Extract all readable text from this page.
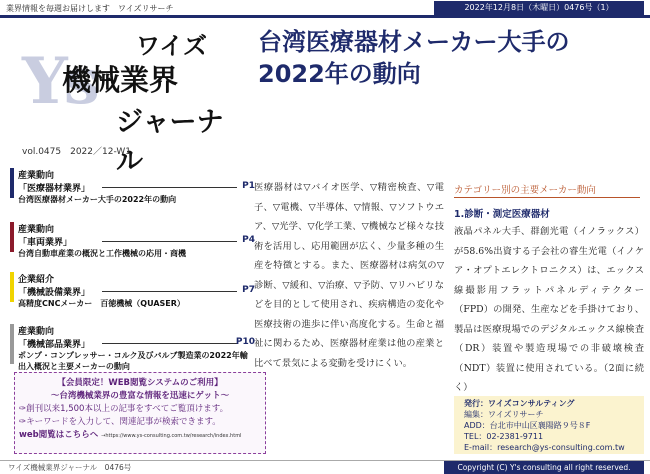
業界情報を毎週お届けします　ワイズリサーチ	2022年12月8日（木曜日）0476号（1）
Ys ワイズ
機械業界
ジャーナル
vol.0475　2022／12-W1
台湾医療器材メーカー大手の
2022年の動向
産業動向
「医療器材業界」	P1
台湾医療器材メーカー大手の2022年の動向
産業動向
「車両業界」	P4
台湾自動車産業の概況と工作機械の応用・商機
企業紹介
「機械設備業界」	P7
高精度CNCメーカー　百徳機械（QUASER）
産業動向
「機械部品業界」	P10
ポンプ・コンプレッサー・コルク及びバルブ製造業の2022年輸出入概況と主要メーカーの動向
【会員限定！WEB閲覧システムのご利用】
〜台湾機械業界の豊富な情報を迅速にゲット〜
✑創刊以来1,500本以上の記事をすべてご覧頂けます。
✑キーワードを入力して、関連記事が検索できます。
web閲覧はこちらへ →https://www.ys-consulting.com.tw/research/index.html
医療器材は▽バイオ医学、▽精密検査、▽電子、▽電機、▽半導体、▽情報、▽ソフトウエア、▽光学、▽化学工業、▽機械など様々な技術を活用し、応用範囲が広く、少量多種の生産を特徴とする。また、医療器材は病気の▽診断、▽緩和、▽治療、▽予防、▽リハビリなどを目的として使用され、疾病構造の変化や医療技術の進歩に伴い高度化する。生命と福祉に関わるため、医療器材産業は他の産業と比べて景気による変動を受けにくい。
カテゴリー別の主要メーカー動向
1.診断・測定医療器材
液晶パネル大手、群創光電（イノラックス）が58.6%出資する子会社の睿生光電（イノケア・オプトエレクトロニクス）は、エックス線撮影用フラットパネルディテクター（FPD）の開発、生産などを手掛けており、製品は医療現場でのデジタルエックス線検査（DR）装置や製造現場での非破壊検査（NDT）装置に使用されている。（2面に続く）
発行：ワイズコンサルティング
編集：ワイズリサーチ
ADD：台北市中山区襄陽路９号８F
TEL：02-2381-9711
E-mail：research@ys-consulting.com.tw
ワイズ機械業界ジャーナル　0476号	Copyright (C) Y's consulting all right reserved.
